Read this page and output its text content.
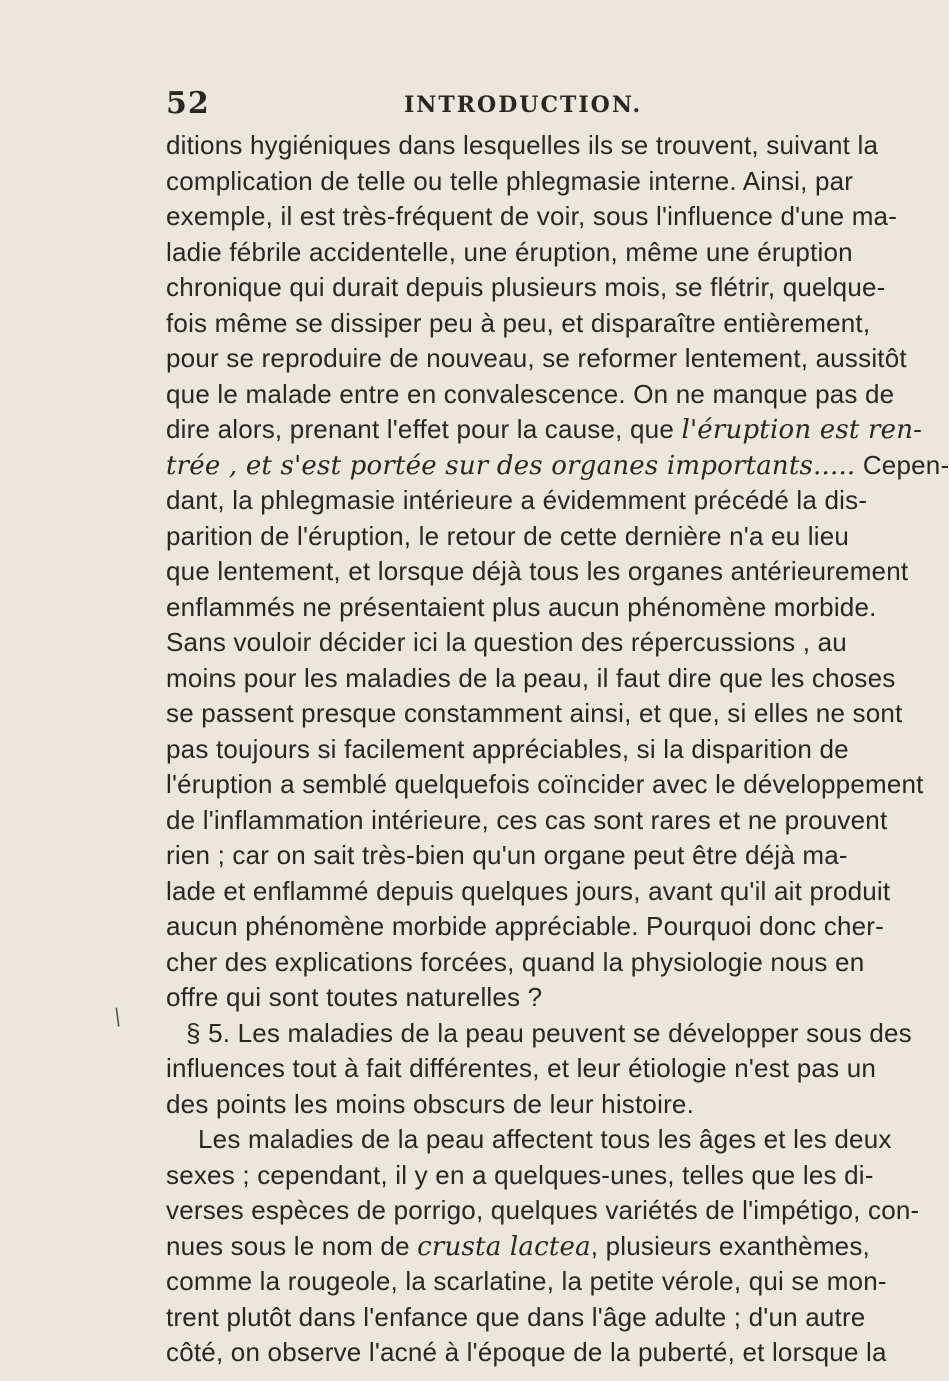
52	INTRODUCTION.
/
ditions hygiéniques dans lesquelles ils se trouvent, suivant la
complication de telle ou telle phlegmasie interne. Ainsi, par
exemple, il est très-fréquent de voir, sous l'influence d'une ma-
ladie fébrile accidentelle, une éruption, même une éruption
chronique qui durait depuis plusieurs mois, se flétrir, quelque-
fois même se dissiper peu à peu, et disparaître entièrement,
pour se reproduire de nouveau, se reformer lentement, aussitôt
que le malade entre en convalescence. On ne manque pas de
dire alors, prenant l'effet pour la cause, que l'éruption est ren-
trée , et s'est portée sur des organes importants..... Cepen-
dant, la phlegmasie intérieure a évidemment précédé la dis-
parition de l'éruption, le retour de cette dernière n'a eu lieu
que lentement, et lorsque déjà tous les organes antérieurement
enflammés ne présentaient plus aucun phénomène morbide.
Sans vouloir décider ici la question des répercussions , au
moins pour les maladies de la peau, il faut dire que les choses
se passent presque constamment ainsi, et que, si elles ne sont
pas toujours si facilement appréciables, si la disparition de
l'éruption a semblé quelquefois coïncider avec le développement
de l'inflammation intérieure, ces cas sont rares et ne prouvent
rien ; car on sait très-bien qu'un organe peut être déjà ma-
lade et enflammé depuis quelques jours, avant qu'il ait produit
aucun phénomène morbide appréciable. Pourquoi donc cher-
cher des explications forcées, quand la physiologie nous en
offre qui sont toutes naturelles ?
§ 5. Les maladies de la peau peuvent se développer sous des
influences tout à fait différentes, et leur étiologie n'est pas un
des points les moins obscurs de leur histoire.
Les maladies de la peau affectent tous les âges et les deux
sexes ; cependant, il y en a quelques-unes, telles que les di-
verses espèces de porrigo, quelques variétés de l'impétigo, con-
nues sous le nom de crusta lactea, plusieurs exanthèmes,
comme la rougeole, la scarlatine, la petite vérole, qui se mon-
trent plutôt dans l'enfance que dans l'âge adulte ; d'un autre
côté, on observe l'acné à l'époque de la puberté, et lorsque la
